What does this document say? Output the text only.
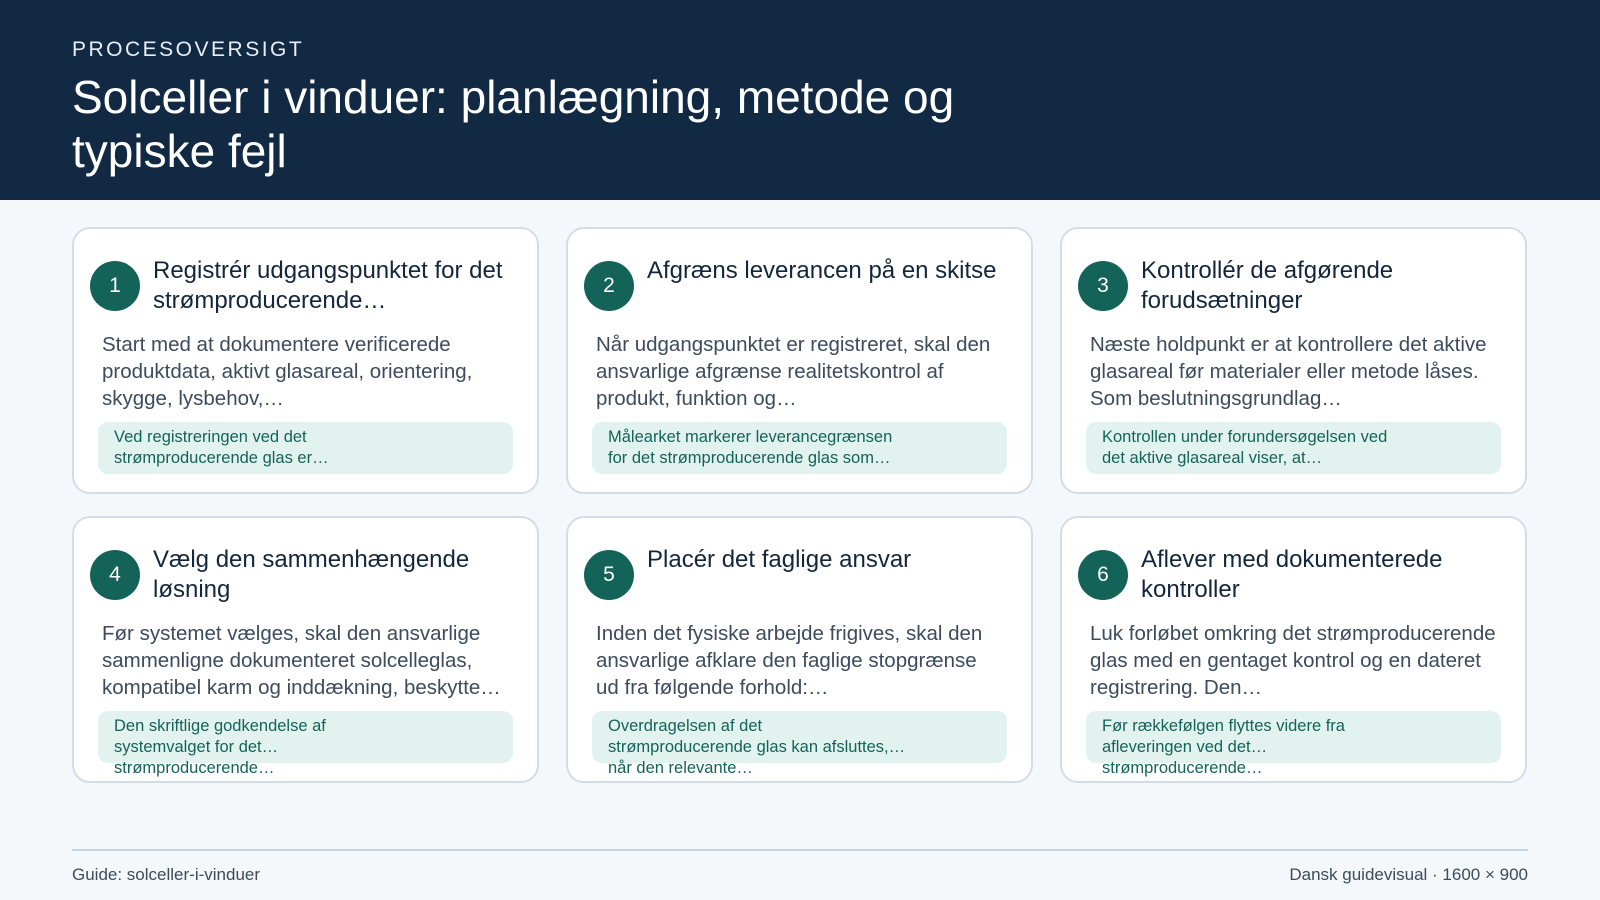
PROCESOVERSIGT
Solceller i vinduer: planlægning, metode og typiske fejl
1
Registrér udgangspunktet for det strømproducerende…
Start med at dokumentere verificerede produktdata, aktivt glasareal, orientering, skygge, lysbehov,…
Ved registreringen ved det strømproducerende glas er…
2
Afgræns leverancen på en skitse
Når udgangspunktet er registreret, skal den ansvarlige afgrænse realitetskontrol af produkt, funktion og…
Målearket markerer leverancegrænsen for det strømproducerende glas som…
3
Kontrollér de afgørende forudsætninger
Næste holdpunkt er at kontrollere det aktive glasareal før materialer eller metode låses. Som beslutningsgrundlag…
Kontrollen under forundersøgelsen ved det aktive glasareal viser, at…
4
Vælg den sammenhængende løsning
Før systemet vælges, skal den ansvarlige sammenligne dokumenteret solcelleglas, kompatibel karm og inddækning, beskytte…
Den skriftlige godkendelse af systemvalget for det strømproducerende…
5
Placér det faglige ansvar
Inden det fysiske arbejde frigives, skal den ansvarlige afklare den faglige stopgrænse ud fra følgende forhold:…
Overdragelsen af det strømproducerende glas kan afsluttes, når den relevante…
6
Aflever med dokumenterede kontroller
Luk forløbet omkring det strømproducerende glas med en gentaget kontrol og en dateret registrering. Den…
Før rækkefølgen flyttes videre fra afleveringen ved det strømproducerende…
Guide: solceller-i-vinduer	Dansk guidevisual · 1600 × 900
